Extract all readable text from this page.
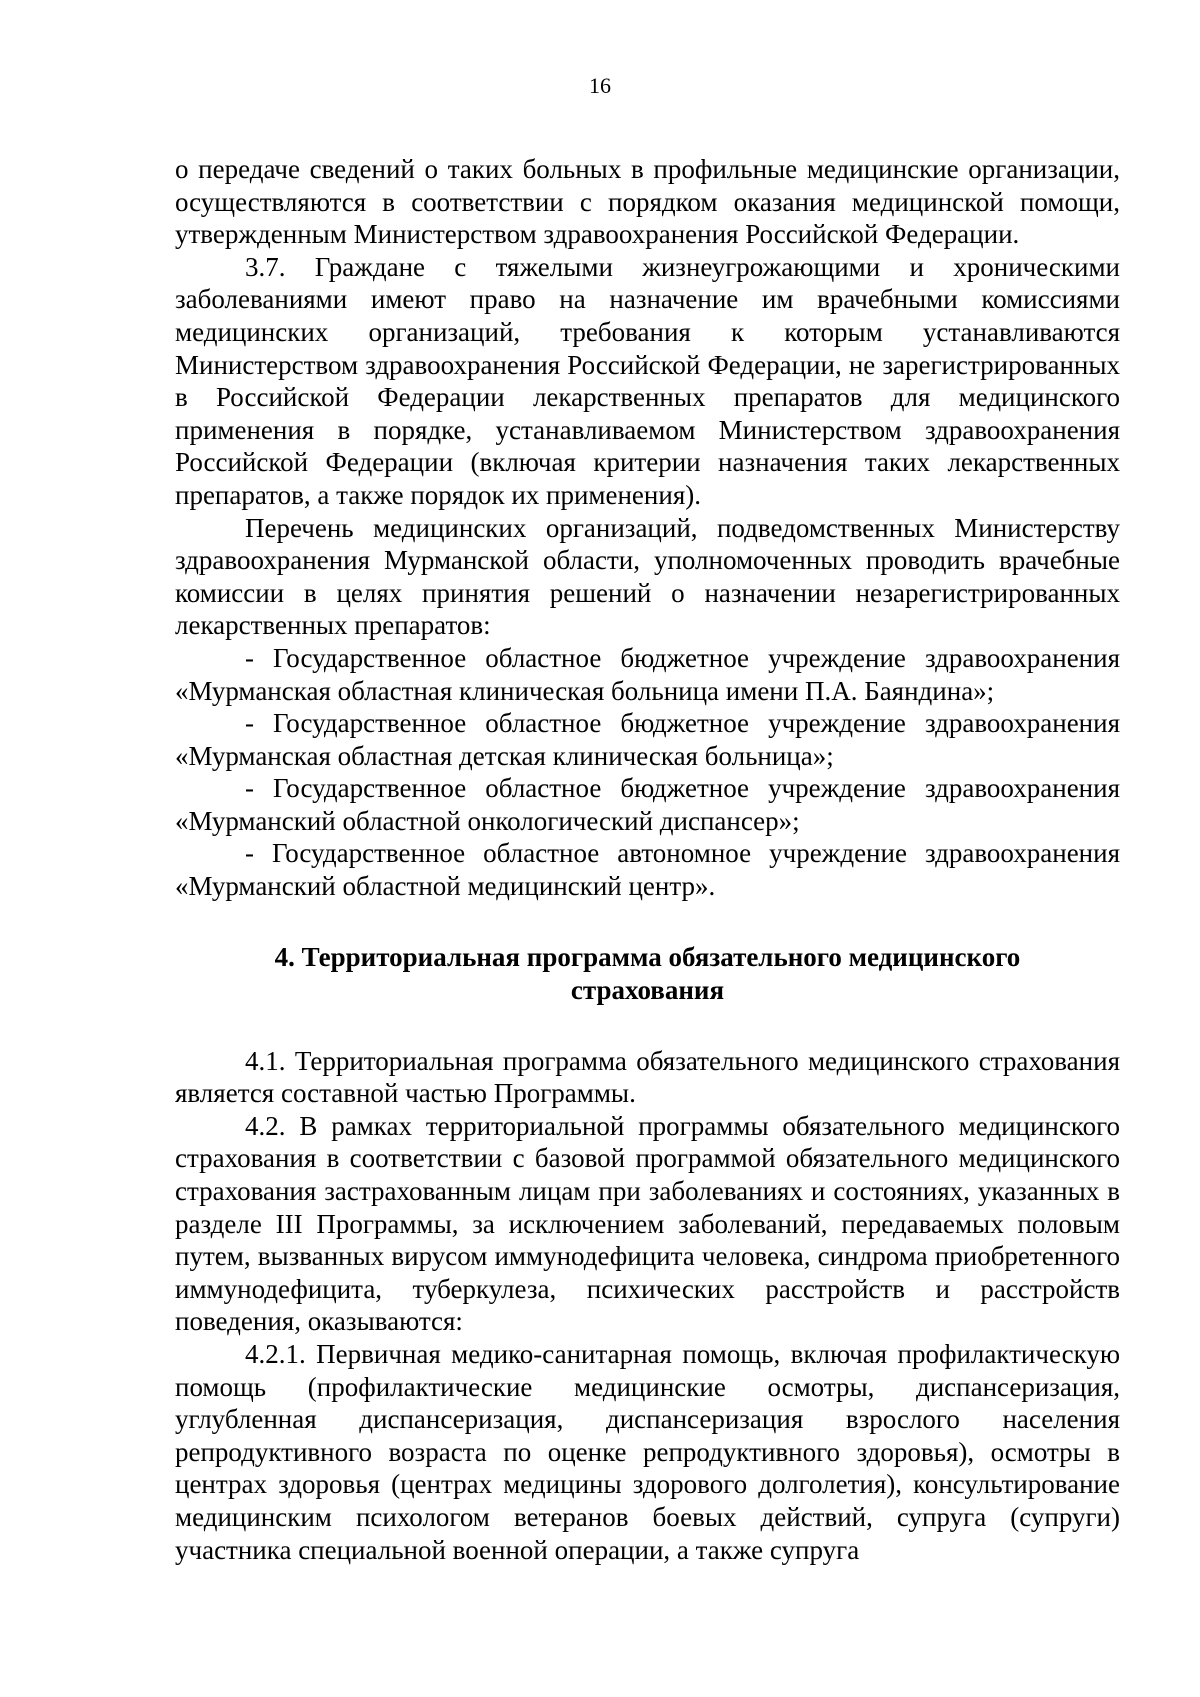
16

о передаче сведений о таких больных в профильные медицинские организации, осуществляются в соответствии с порядком оказания медицинской помощи, утвержденным Министерством здравоохранения Российской Федерации.

3.7. Граждане с тяжелыми жизнеугрожающими и хроническими заболеваниями имеют право на назначение им врачебными комиссиями медицинских организаций, требования к которым устанавливаются Министерством здравоохранения Российской Федерации, не зарегистрированных в Российской Федерации лекарственных препаратов для медицинского применения в порядке, устанавливаемом Министерством здравоохранения Российской Федерации (включая критерии назначения таких лекарственных препаратов, а также порядок их применения).

Перечень медицинских организаций, подведомственных Министерству здравоохранения Мурманской области, уполномоченных проводить врачебные комиссии в целях принятия решений о назначении незарегистрированных лекарственных препаратов:

- Государственное областное бюджетное учреждение здравоохранения «Мурманская областная клиническая больница имени П.А. Баяндина»;

- Государственное областное бюджетное учреждение здравоохранения «Мурманская областная детская клиническая больница»;

- Государственное областное бюджетное учреждение здравоохранения «Мурманский областной онкологический диспансер»;

- Государственное областное автономное учреждение здравоохранения «Мурманский областной медицинский центр».

4. Территориальная программа обязательного медицинского
страхования

4.1. Территориальная программа обязательного медицинского страхования является составной частью Программы.

4.2. В рамках территориальной программы обязательного медицинского страхования в соответствии с базовой программой обязательного медицинского страхования застрахованным лицам при заболеваниях и состояниях, указанных в разделе III Программы, за исключением заболеваний, передаваемых половым путем, вызванных вирусом иммунодефицита человека, синдрома приобретенного иммунодефицита, туберкулеза, психических расстройств и расстройств поведения, оказываются:

4.2.1. Первичная медико-санитарная помощь, включая профилактическую помощь (профилактические медицинские осмотры, диспансеризация, углубленная диспансеризация, диспансеризация взрослого населения репродуктивного возраста по оценке репродуктивного здоровья), осмотры в центрах здоровья (центрах медицины здорового долголетия), консультирование медицинским психологом ветеранов боевых действий, супруга (супруги) участника специальной военной операции, а также супруга
